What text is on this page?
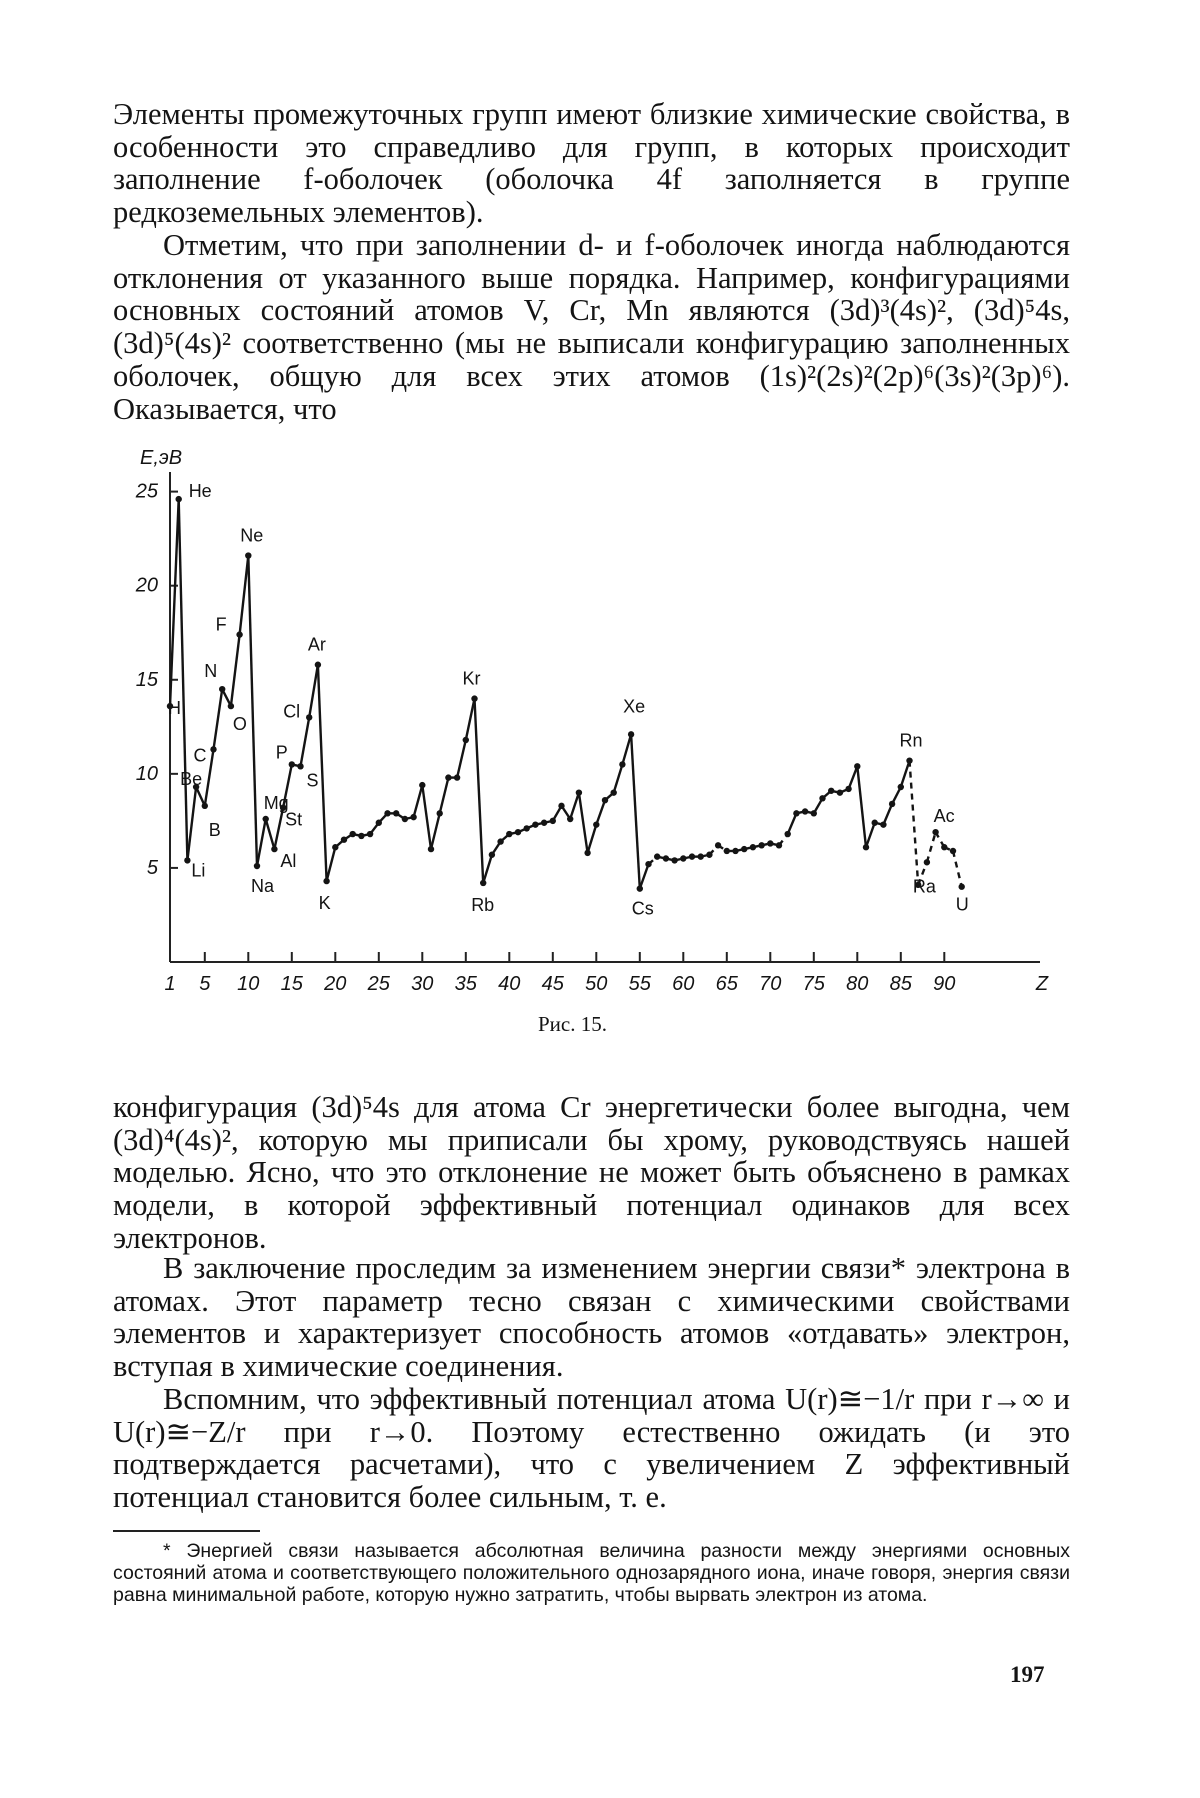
Элементы промежуточных групп имеют близкие химические свойства, в особенности это справедливо для групп, в которых происходит заполнение f-оболочек (оболочка 4f заполняется в группе редкоземельных элементов).

Отметим, что при заполнении d- и f-оболочек иногда наблюдаются отклонения от указанного выше порядка. Например, конфигурациями основных состояний атомов V, Cr, Mn являются (3d)³(4s)², (3d)⁵4s, (3d)⁵(4s)² соответственно (мы не выписали конфигурацию заполненных оболочек, общую для всех этих атомов (1s)²(2s)²(2p)⁶(3s)²(3p)⁶). Оказывается, что

5
10
15
20
25
E,эВ
1 5 10 15 20 25 30 35 40 45 50 55 60 65 70 75 80 85 90	Z
He
Ne
F
Ar
N
O
Cl
H
C	P
S
Be
Mg
St
B
Al
Li
Na
K
Kr
Rb
Xe
Cs
Rn
Ac
Ra
U
Рис. 15.

конфигурация (3d)⁵4s для атома Cr энергетически более выгодна, чем (3d)⁴(4s)², которую мы приписали бы хрому, руководствуясь нашей моделью. Ясно, что это отклонение не может быть объяснено в рамках модели, в которой эффективный потенциал одинаков для всех электронов.

В заключение проследим за изменением энергии связи* электрона в атомах. Этот параметр тесно связан с химическими свойствами элементов и характеризует способность атомов «отдавать» электрон, вступая в химические соединения.

Вспомним, что эффективный потенциал атома U(r)≅−1/r при r→∞ и U(r)≅−Z/r при r→0. Поэтому естественно ожидать (и это подтверждается расчетами), что с увеличением Z эффективный потенциал становится более сильным, т. е.

* Энергией связи называется абсолютная величина разности между энергиями основных состояний атома и соответствующего положительного однозарядного иона, иначе говоря, энергия связи равна минимальной работе, которую нужно затратить, чтобы вырвать электрон из атома.

197
